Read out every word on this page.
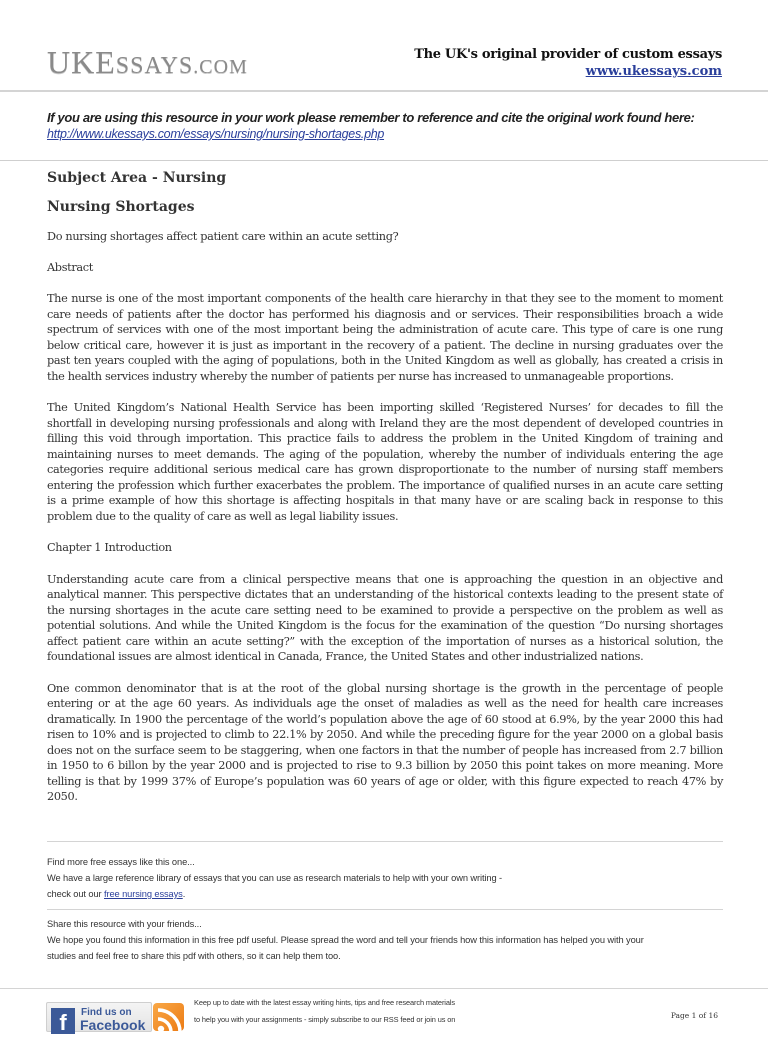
UKESSAYS.COM
The UK's original provider of custom essays
www.ukessays.com
If you are using this resource in your work please remember to reference and cite the original work found here:
http://www.ukessays.com/essays/nursing/nursing-shortages.php
Subject Area - Nursing
Nursing Shortages
Do nursing shortages affect patient care within an acute setting?
Abstract
The nurse is one of the most important components of the health care hierarchy in that they see to the moment to moment care needs of patients after the doctor has performed his diagnosis and or services. Their responsibilities broach a wide spectrum of services with one of the most important being the administration of acute care. This type of care is one rung below critical care, however it is just as important in the recovery of a patient. The decline in nursing graduates over the past ten years coupled with the aging of populations, both in the United Kingdom as well as globally, has created a crisis in the health services industry whereby the number of patients per nurse has increased to unmanageable proportions.
The United Kingdom’s National Health Service has been importing skilled ‘Registered Nurses’ for decades to fill the shortfall in developing nursing professionals and along with Ireland they are the most dependent of developed countries in filling this void through importation. This practice fails to address the problem in the United Kingdom of training and maintaining nurses to meet demands. The aging of the population, whereby the number of individuals entering the age categories require additional serious medical care has grown disproportionate to the number of nursing staff members entering the profession which further exacerbates the problem. The importance of qualified nurses in an acute care setting is a prime example of how this shortage is affecting hospitals in that many have or are scaling back in response to this problem due to the quality of care as well as legal liability issues.
Chapter 1 Introduction
Understanding acute care from a clinical perspective means that one is approaching the question in an objective and analytical manner. This perspective dictates that an understanding of the historical contexts leading to the present state of the nursing shortages in the acute care setting need to be examined to provide a perspective on the problem as well as potential solutions. And while the United Kingdom is the focus for the examination of the question “Do nursing shortages affect patient care within an acute setting?” with the exception of the importation of nurses as a historical solution, the foundational issues are almost identical in Canada, France, the United States and other industrialized nations.
One common denominator that is at the root of the global nursing shortage is the growth in the percentage of people entering or at the age 60 years. As individuals age the onset of maladies as well as the need for health care increases dramatically. In 1900 the percentage of the world’s population above the age of 60 stood at 6.9%, by the year 2000 this had risen to 10% and is projected to climb to 22.1% by 2050. And while the preceding figure for the year 2000 on a global basis does not on the surface seem to be staggering, when one factors in that the number of people has increased from 2.7 billion in 1950 to 6 billon by the year 2000 and is projected to rise to 9.3 billion by 2050 this point takes on more meaning. More telling is that by 1999 37% of Europe’s population was 60 years of age or older, with this figure expected to reach 47% by 2050.
Find more free essays like this one...
We have a large reference library of essays that you can use as research materials to help with your own writing -
check out our free nursing essays.
Share this resource with your friends...
We hope you found this information in this free pdf useful. Please spread the word and tell your friends how this information has helped you with your
studies and feel free to share this pdf with others, so it can help them too.
f	Find us on
Facebook
Keep up to date with the latest essay writing hints, tips and free research materials
to help you with your assignments - simply subscribe to our RSS feed or join us on	Page 1 of 16
